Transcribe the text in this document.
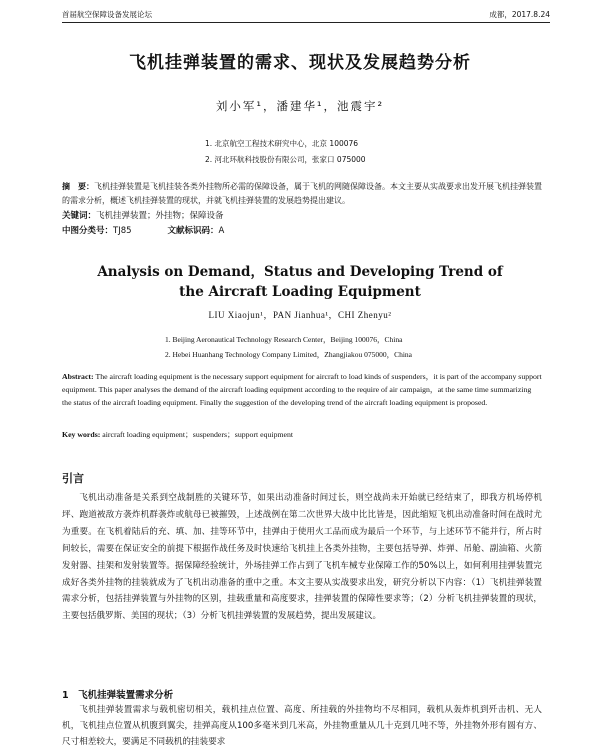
首届航空保障设备发展论坛	成都，2017.8.24
飞机挂弹装置的需求、现状及发展趋势分析
刘小军¹，潘建华¹，池震宇²
1. 北京航空工程技术研究中心，北京 100076
2. 河北环航科技股份有限公司，张家口 075000
摘　要：飞机挂弹装置是飞机挂装各类外挂物所必需的保障设备，属于飞机的网随保障设备。本文主要从实战要求出发开展飞机挂弹装置的需求分析，概述飞机挂弹装置的现状，并就飞机挂弹装置的发展趋势提出建议。
关键词：飞机挂弹装置；外挂物；保障设备
中图分类号：TJ85	文献标识码：A
Analysis on Demand，Status and Developing Trend of
the Aircraft Loading Equipment
LIU Xiaojun¹，PAN Jianhua¹，CHI Zhenyu²
1. Beijing Aeronautical Technology Research Center，Beijing 100076，China
2. Hebei Huanhang Technology Company Limited，Zhangjiakou 075000，China
Abstract: The aircraft loading equipment is the necessary support equipment for aircraft to load kinds of suspenders，it is part of the accompany support equipment. This paper analyses the demand of the aircraft loading equipment according to the require of air campaign，at the same time summarizing the status of the aircraft loading equipment. Finally the suggestion of the developing trend of the aircraft loading equipment is proposed.
Key words: aircraft loading equipment；suspenders；support equipment
引言
飞机出动准备是关系到空战制胜的关键环节，如果出动准备时间过长，则空战尚未开始就已经结束了，即我方机场停机坪、跑道被敌方袭炸机群袭炸或航母已被摧毁，上述战例在第二次世界大战中比比皆是，因此缩短飞机出动准备时间在战时尤为重要。在飞机着陆后的充、填、加、挂等环节中，挂弹由于使用火工品而成为最后一个环节，与上述环节不能并行，所占时间较长，需要在保证安全的前提下根据作战任务及时快速给飞机挂上各类外挂物，主要包括导弹、炸弹、吊舱、副油箱、火箭发射器、挂架和发射装置等。据保障经验统计，外场挂弹工作占到了飞机车械专业保障工作的50%以上，如何利用挂弹装置完成好各类外挂物的挂装就成为了飞机出动准备的重中之重。本文主要从实战要求出发，研究分析以下内容：（1）飞机挂弹装置需求分析，包括挂弹装置与外挂物的区别，挂载重量和高度要求，挂弹装置的保障性要求等；（2）分析飞机挂弹装置的现状，主要包括俄罗斯、美国的现状；（3）分析飞机挂弹装置的发展趋势，提出发展建议。
1　飞机挂弹装置需求分析
飞机挂弹装置需求与载机密切相关，载机挂点位置、高度、所挂载的外挂物均不尽相同，载机从轰炸机到歼击机、无人机，飞机挂点位置从机腹到翼尖，挂弹高度从100多毫米到几米高，外挂物重量从几十克到几吨不等，外挂物外形有圆有方、尺寸相差较大，要满足不同载机的挂装要求
